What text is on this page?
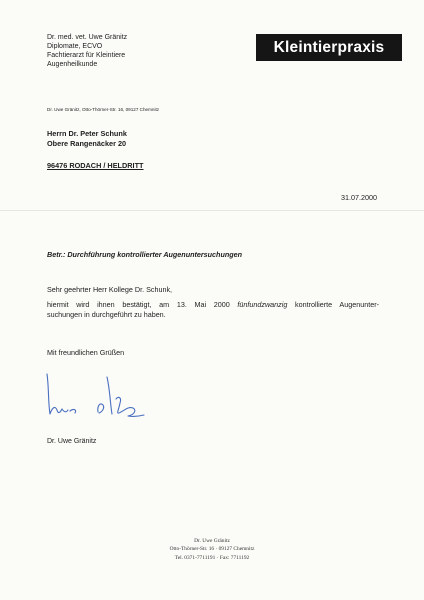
Dr. med. vet. Uwe Gränitz
Diplomate, ECVO
Fachtierarzt für Kleintiere
Augenheilkunde
Kleintierpraxis
Dr. Uwe Gränitz, Otto-Thörner-Str. 16, 09127 Chemnitz
Herrn Dr. Peter Schunk
Obere Rangenäcker 20
96476 RODACH / HELDRITT
31.07.2000
Betr.: Durchführung kontrollierter Augenuntersuchungen
Sehr geehrter Herr Kollege Dr. Schunk,
hiermit wird ihnen bestätigt, am 13. Mai 2000 fünfundzwanzig kontrollierte Augenunter-
suchungen in durchgeführt zu haben.
Mit freundlichen Grüßen
Dr. Uwe Gränitz
Dr. Uwe Gränitz
Otto-Thörner-Str. 16 · 09127 Chemnitz
Tel. 0371-7711191 · Fax: 7711192
